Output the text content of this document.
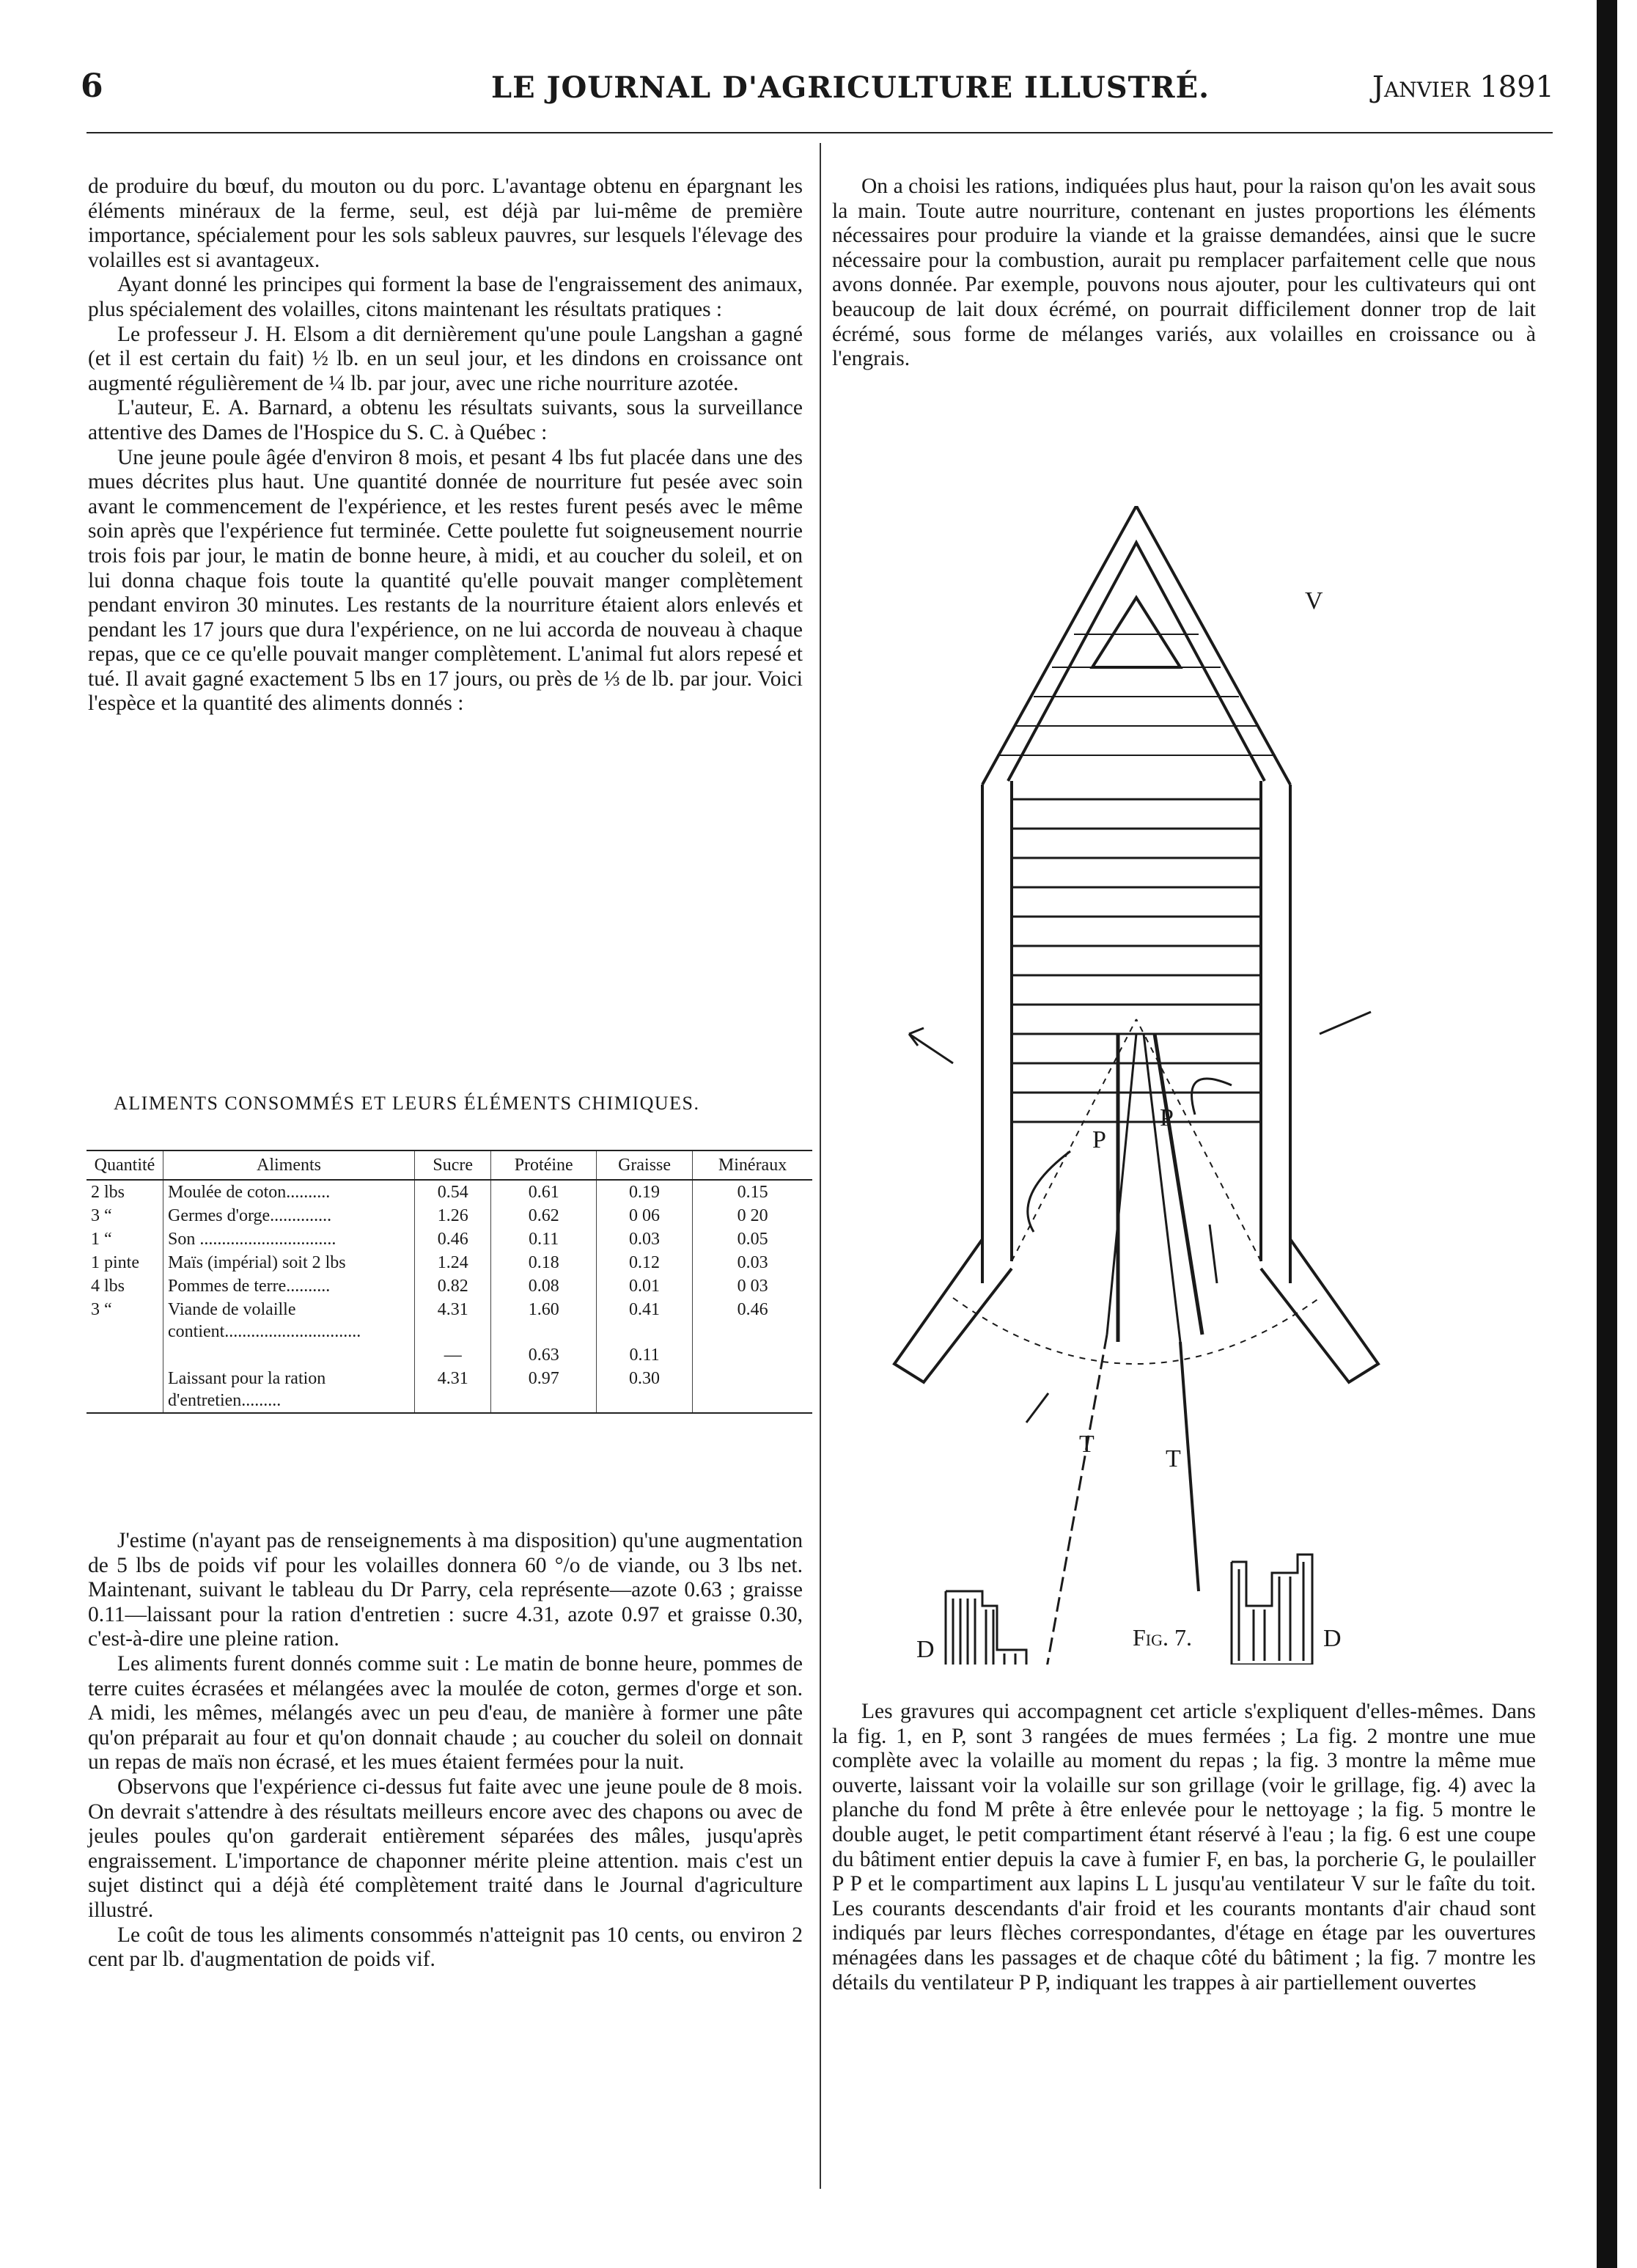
6	LE JOURNAL D'AGRICULTURE ILLUSTRÉ.	Janvier 1891

de produire du bœuf, du mouton ou du porc. L'avantage obtenu en épargnant les éléments minéraux de la ferme, seul, est déjà par lui-même de première importance, spécialement pour les sols sableux pauvres, sur lesquels l'élevage des volailles est si avantageux.

Ayant donné les principes qui forment la base de l'engraissement des animaux, plus spécialement des volailles, citons maintenant les résultats pratiques :

Le professeur J. H. Elsom a dit dernièrement qu'une poule Langshan a gagné (et il est certain du fait) ½ lb. en un seul jour, et les dindons en croissance ont augmenté régulièrement de ¼ lb. par jour, avec une riche nourriture azotée.

L'auteur, E. A. Barnard, a obtenu les résultats suivants, sous la surveillance attentive des Dames de l'Hospice du S. C. à Québec :

Une jeune poule âgée d'environ 8 mois, et pesant 4 lbs fut placée dans une des mues décrites plus haut. Une quantité donnée de nourriture fut pesée avec soin avant le commencement de l'expérience, et les restes furent pesés avec le même soin après que l'expérience fut terminée. Cette poulette fut soigneusement nourrie trois fois par jour, le matin de bonne heure, à midi, et au coucher du soleil, et on lui donna chaque fois toute la quantité qu'elle pouvait manger complètement pendant environ 30 minutes. Les restants de la nourriture étaient alors enlevés et pendant les 17 jours que dura l'expérience, on ne lui accorda de nouveau à chaque repas, que ce ce qu'elle pouvait manger complètement. L'animal fut alors repesé et tué. Il avait gagné exactement 5 lbs en 17 jours, ou près de ⅓ de lb. par jour. Voici l'espèce et la quantité des aliments donnés :

ALIMENTS CONSOMMÉS ET LEURS ÉLÉMENTS CHIMIQUES.
Quantité	Aliments	Sucre	Protéine	Graisse	Minéraux
2 lbs	Moulée de coton..........	0.54	0.61	0.19	0.15
3 “	Germes d'orge..............	1.26	0.62	0 06	0 20
1 “	Son ...............................	0.46	0.11	0.03	0.05
1 pinte	Maïs (impérial) soit 2 lbs	1.24	0.18	0.12	0.03
4 lbs	Pommes de terre..........	0.82	0.08	0.01	0 03
3 “	Viande de volaille contient...............................	4.31	1.60	0.41	0.46
		—	0.63	0.11	
	Laissant pour la ration d'entretien.........	4.31	0.97	0.30	

J'estime (n'ayant pas de renseignements à ma disposition) qu'une augmentation de 5 lbs de poids vif pour les volailles donnera 60 °/o de viande, ou 3 lbs net. Maintenant, suivant le tableau du Dr Parry, cela représente—azote 0.63 ; graisse 0.11—laissant pour la ration d'entretien : sucre 4.31, azote 0.97 et graisse 0.30, c'est-à-dire une pleine ration.

Les aliments furent donnés comme suit : Le matin de bonne heure, pommes de terre cuites écrasées et mélangées avec la moulée de coton, germes d'orge et son. A midi, les mêmes, mélangés avec un peu d'eau, de manière à former une pâte qu'on préparait au four et qu'on donnait chaude ; au coucher du soleil on donnait un repas de maïs non écrasé, et les mues étaient fermées pour la nuit.

Observons que l'expérience ci-dessus fut faite avec une jeune poule de 8 mois. On devrait s'attendre à des résultats meilleurs encore avec des chapons ou avec de jeules poules qu'on garderait entièrement séparées des mâles, jusqu'après engraissement. L'importance de chaponner mérite pleine attention. mais c'est un sujet distinct qui a déjà été complètement traité dans le Journal d'agriculture illustré.

Le coût de tous les aliments consommés n'atteignit pas 10 cents, ou environ 2 cent par lb. d'augmentation de poids vif.

On a choisi les rations, indiquées plus haut, pour la raison qu'on les avait sous la main. Toute autre nourriture, contenant en justes proportions les éléments nécessaires pour produire la viande et la graisse demandées, ainsi que le sucre nécessaire pour la combustion, aurait pu remplacer parfaitement celle que nous avons donnée. Par exemple, pouvons nous ajouter, pour les cultivateurs qui ont beaucoup de lait doux écrémé, on pourrait difficilement donner trop de lait écrémé, sous forme de mélanges variés, aux volailles en croissance ou à l'engrais.

V
P
P
T
T
D	D
Fig. 7.

Les gravures qui accompagnent cet article s'expliquent d'elles-mêmes. Dans la fig. 1, en P, sont 3 rangées de mues fermées ; La fig. 2 montre une mue complète avec la volaille au moment du repas ; la fig. 3 montre la même mue ouverte, laissant voir la volaille sur son grillage (voir le grillage, fig. 4) avec la planche du fond M prête à être enlevée pour le nettoyage ; la fig. 5 montre le double auget, le petit compartiment étant réservé à l'eau ; la fig. 6 est une coupe du bâtiment entier depuis la cave à fumier F, en bas, la porcherie G, le poulailler P P et le compartiment aux lapins L L jusqu'au ventilateur V sur le faîte du toit. Les courants descendants d'air froid et les courants montants d'air chaud sont indiqués par leurs flèches correspondantes, d'étage en étage par les ouvertures ménagées dans les passages et de chaque côté du bâtiment ; la fig. 7 montre les détails du ventilateur P P, indiquant les trappes à air partiellement ouvertes
